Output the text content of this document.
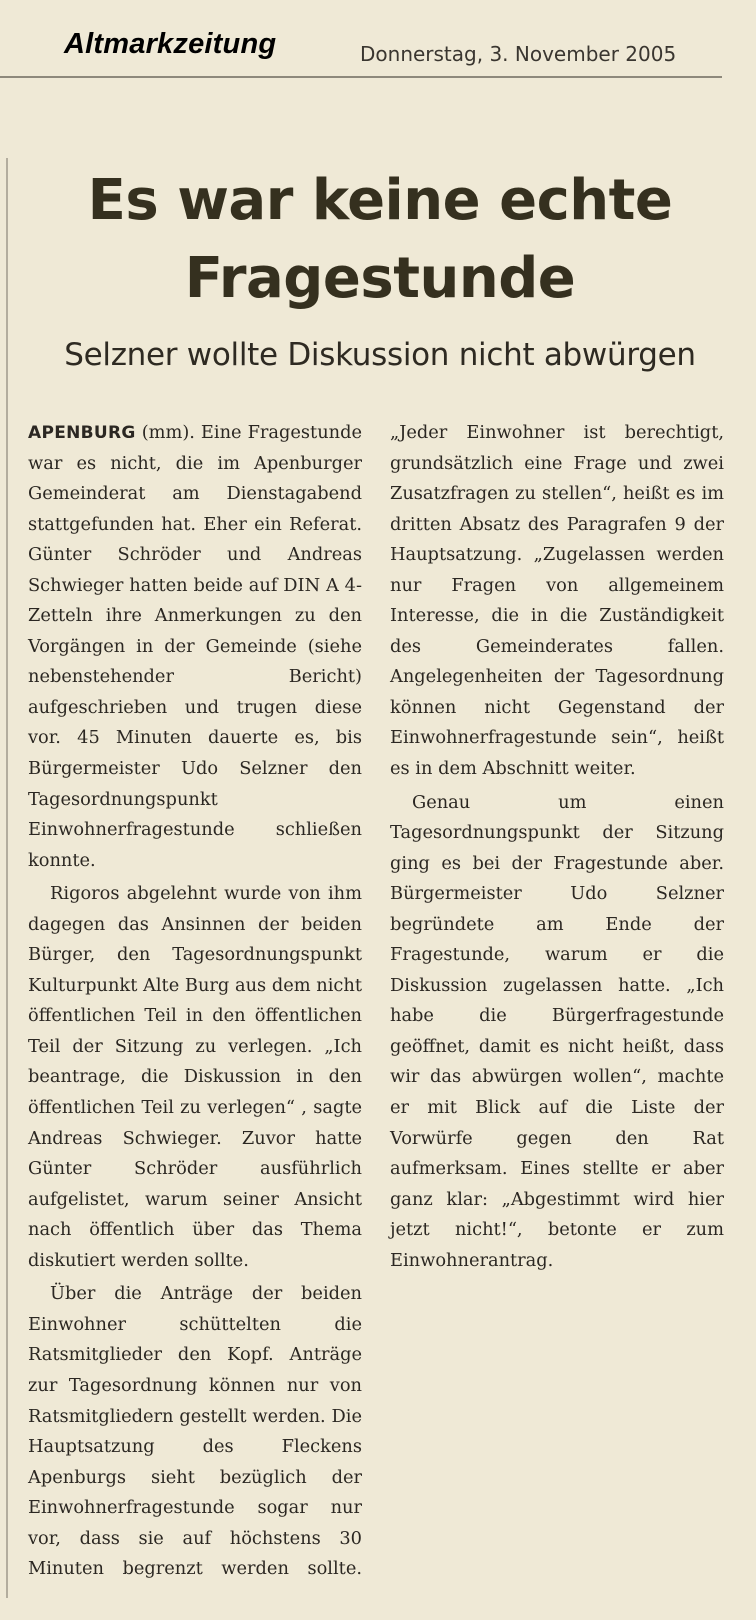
Altmarkzeitung	Donnerstag, 3. November 2005
Es war keine echte
Fragestunde
Selzner wollte Diskussion nicht abwürgen

APENBURG (mm). Eine Fragestunde war es nicht, die im Apenburger Gemeinderat am Dienstagabend stattgefunden hat. Eher ein Referat. Günter Schröder und Andreas Schwieger hatten beide auf DIN A 4-Zetteln ihre Anmerkungen zu den Vorgängen in der Gemeinde (siehe nebenstehender Bericht) aufgeschrieben und trugen diese vor. 45 Minuten dauerte es, bis Bürgermeister Udo Selzner den Tagesordnungspunkt Einwohnerfragestunde schließen konnte.

Rigoros abgelehnt wurde von ihm dagegen das Ansinnen der beiden Bürger, den Tagesordnungspunkt Kulturpunkt Alte Burg aus dem nicht öffentlichen Teil in den öffentlichen Teil der Sitzung zu verlegen. „Ich beantrage, die Diskussion in den öffentlichen Teil zu verlegen“ , sagte Andreas Schwieger. Zuvor hatte Günter Schröder ausführlich aufgelistet, warum seiner Ansicht nach öffentlich über das Thema diskutiert werden sollte.

Über die Anträge der beiden Einwohner schüttelten die Ratsmitglieder den Kopf. Anträge zur Tagesordnung können nur von Ratsmitgliedern gestellt werden. Die Hauptsatzung des Fleckens Apenburgs sieht bezüglich der Einwohnerfragestunde sogar nur vor, dass sie auf höchstens 30 Minuten begrenzt werden sollte.

„Jeder Einwohner ist berechtigt, grundsätzlich eine Frage und zwei Zusatzfragen zu stellen“, heißt es im dritten Absatz des Paragrafen 9 der Hauptsatzung. „Zugelassen werden nur Fragen von allgemeinem Interesse, die in die Zuständigkeit des Gemeinderates fallen. Angelegenheiten der Tagesordnung können nicht Gegenstand der Einwohnerfragestunde sein“, heißt es in dem Abschnitt weiter.

Genau um einen Tagesordnungspunkt der Sitzung ging es bei der Fragestunde aber. Bürgermeister Udo Selzner begründete am Ende der Fragestunde, warum er die Diskussion zugelassen hatte. „Ich habe die Bürgerfragestunde geöffnet, damit es nicht heißt, dass wir das abwürgen wollen“, machte er mit Blick auf die Liste der Vorwürfe gegen den Rat aufmerksam. Eines stellte er aber ganz klar: „Abgestimmt wird hier jetzt nicht!“, betonte er zum Einwohnerantrag.
